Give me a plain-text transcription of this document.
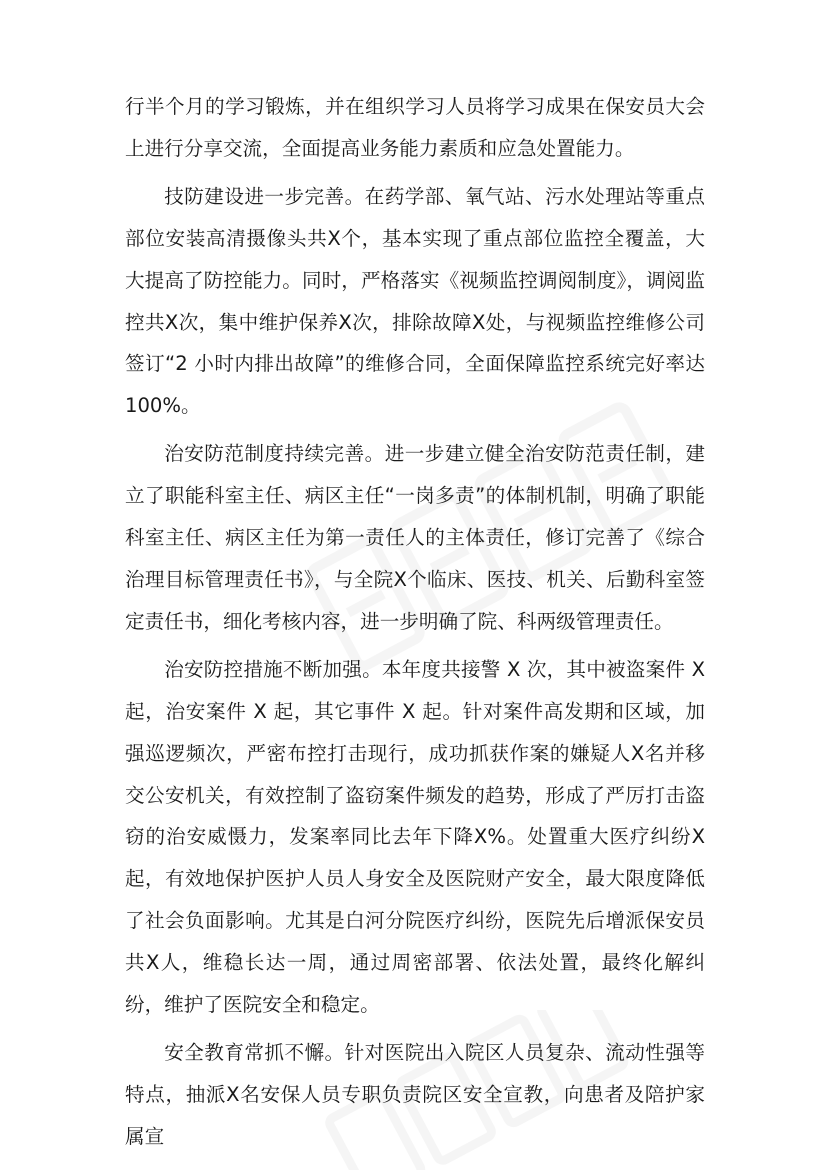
行半个月的学习锻炼，并在组织学习人员将学习成果在保安员大会上进行分享交流，全面提高业务能力素质和应急处置能力。

技防建设进一步完善。在药学部、氧气站、污水处理站等重点部位安装高清摄像头共X个，基本实现了重点部位监控全覆盖，大大提高了防控能力。同时，严格落实《视频监控调阅制度》，调阅监控共X次，集中维护保养X次，排除故障X处，与视频监控维修公司签订“2 小时内排出故障”的维修合同，全面保障监控系统完好率达100%。

治安防范制度持续完善。进一步建立健全治安防范责任制，建立了职能科室主任、病区主任“一岗多责”的体制机制，明确了职能科室主任、病区主任为第一责任人的主体责任，修订完善了《综合治理目标管理责任书》，与全院X个临床、医技、机关、后勤科室签定责任书，细化考核内容，进一步明确了院、科两级管理责任。

治安防控措施不断加强。本年度共接警 X 次，其中被盗案件 X 起，治安案件 X 起，其它事件 X 起。针对案件高发期和区域，加强巡逻频次，严密布控打击现行，成功抓获作案的嫌疑人X名并移交公安机关，有效控制了盗窃案件频发的趋势，形成了严厉打击盗窃的治安威慑力，发案率同比去年下降X%。处置重大医疗纠纷X起，有效地保护医护人员人身安全及医院财产安全，最大限度降低了社会负面影响。尤其是白河分院医疗纠纷，医院先后增派保安员共X人，维稳长达一周，通过周密部署、依法处置，最终化解纠纷，维护了医院安全和稳定。

安全教育常抓不懈。针对医院出入院区人员复杂、流动性强等特点，抽派X名安保人员专职负责院区安全宣教，向患者及陪护家属宣
